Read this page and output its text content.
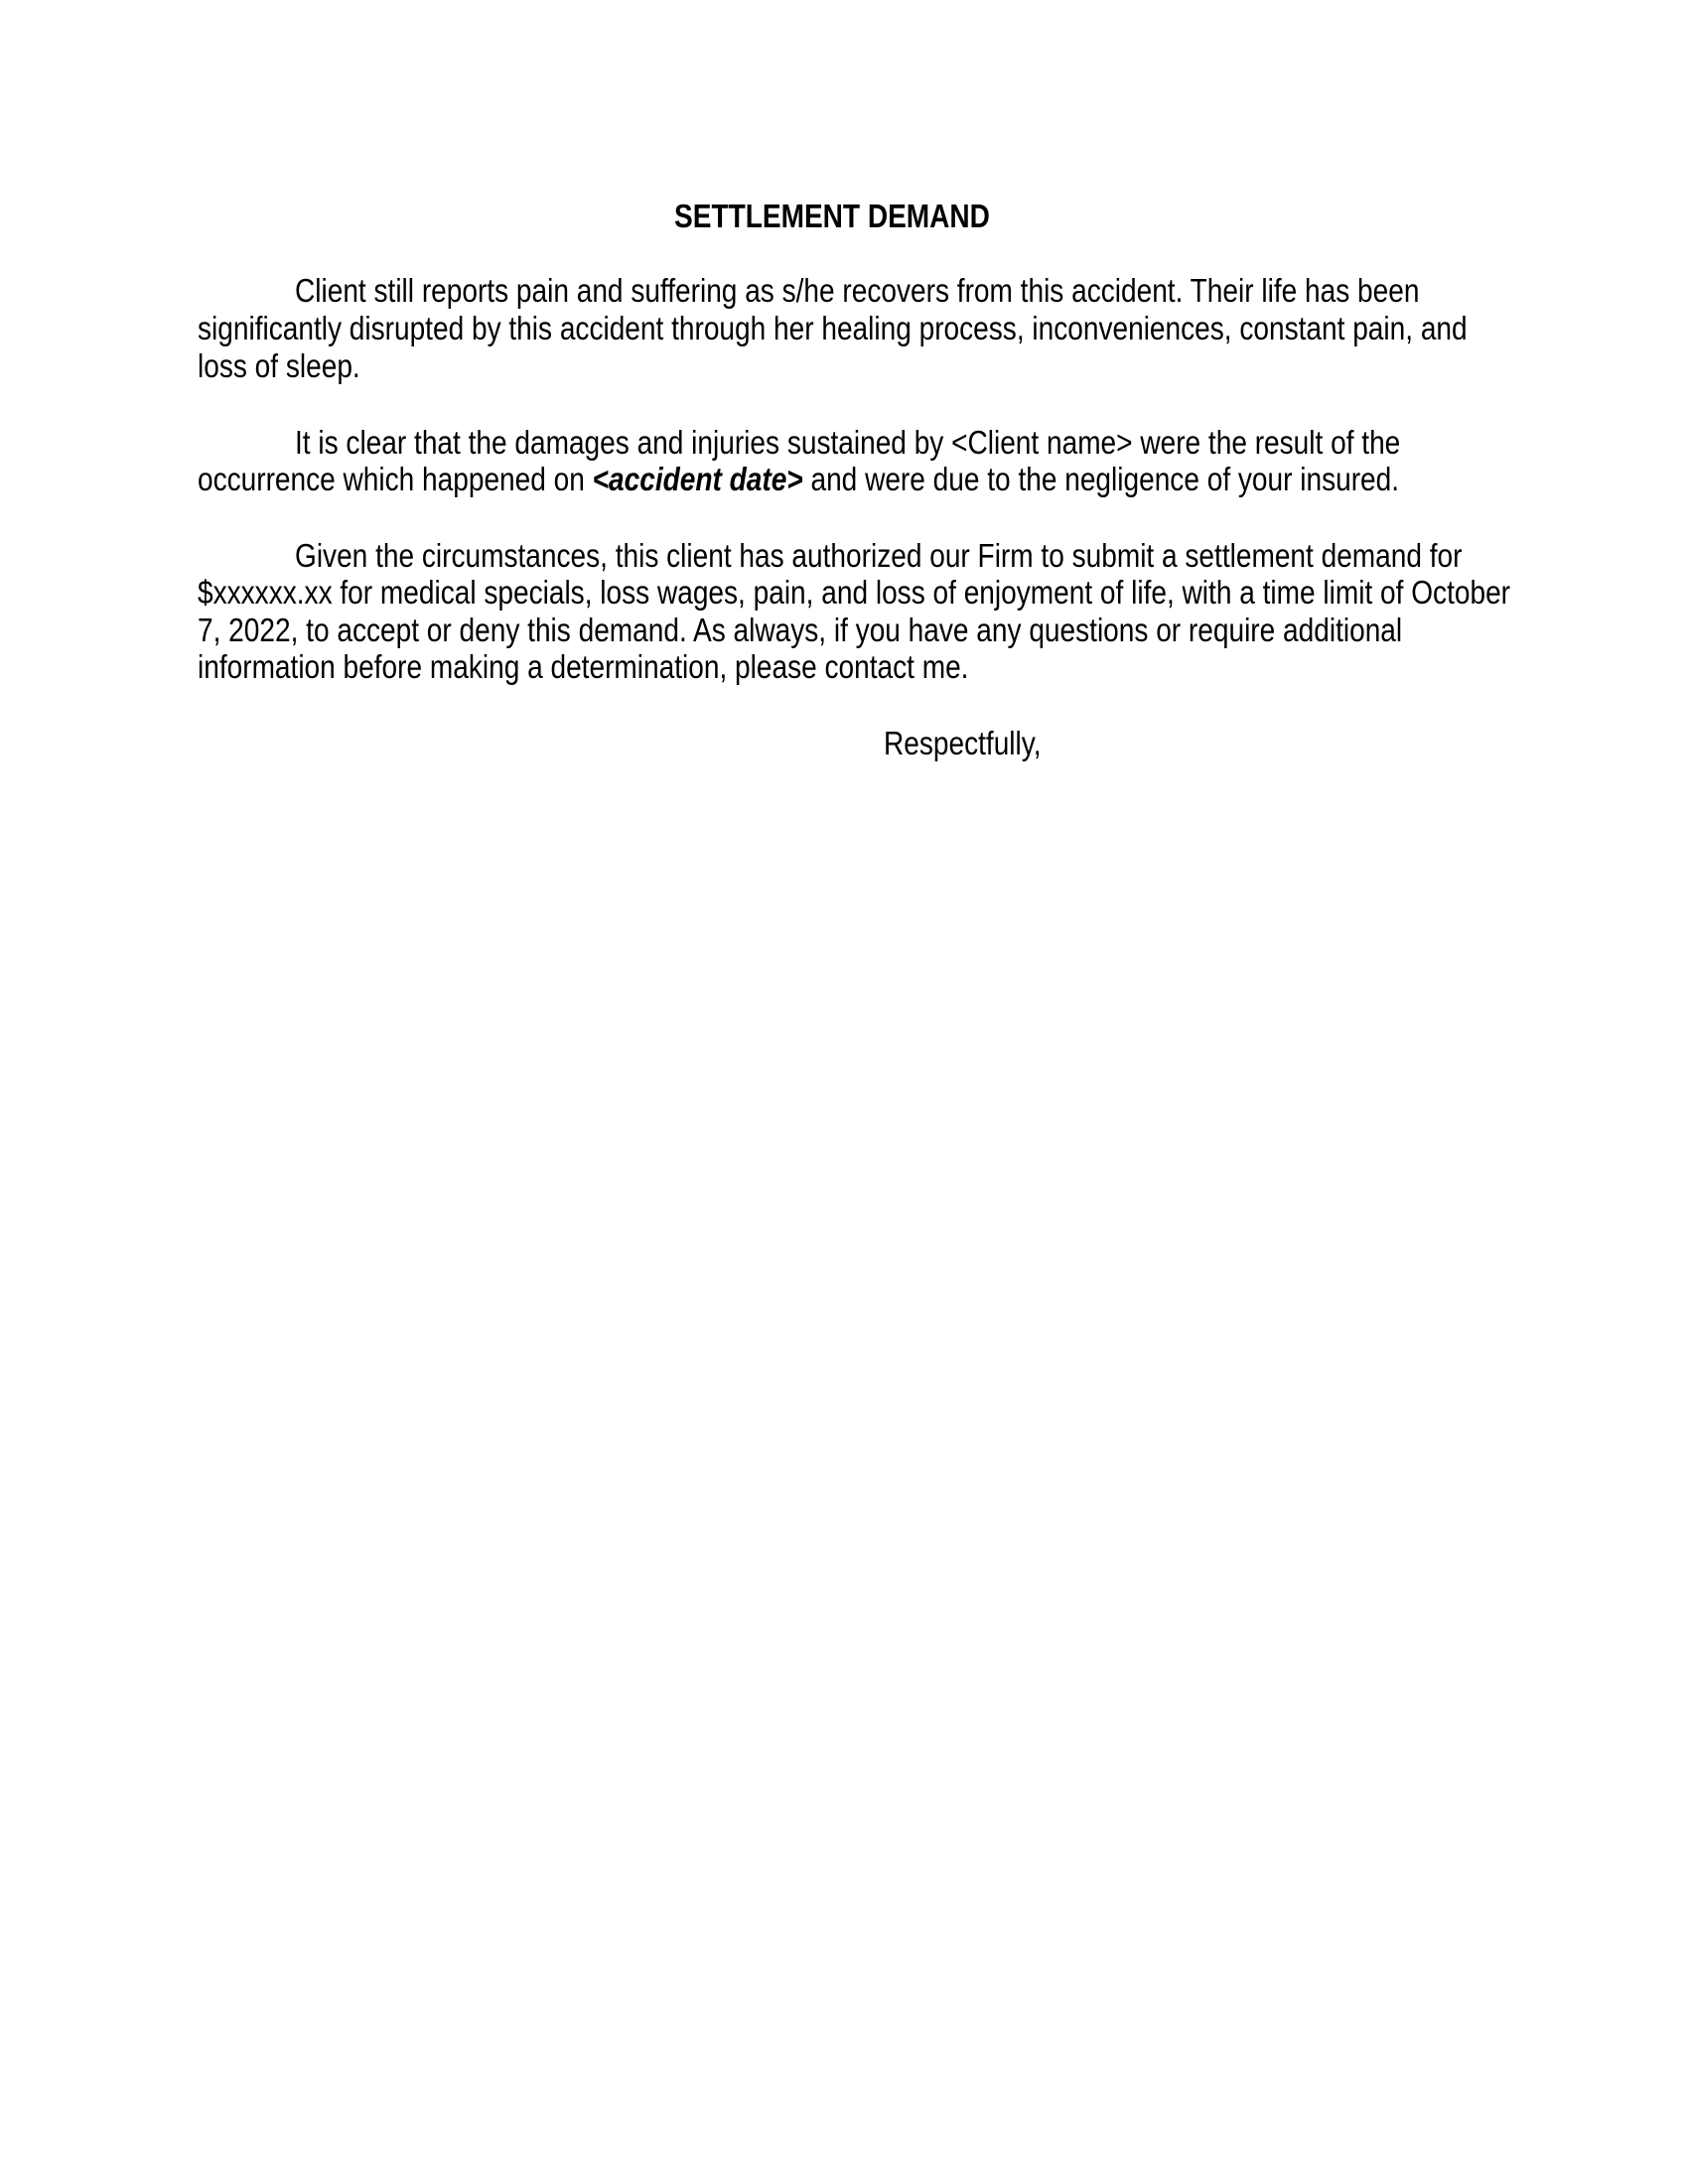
SETTLEMENT DEMAND
Client still reports pain and suffering as s/he recovers from this accident. Their life has been
significantly disrupted by this accident through her healing process, inconveniences, constant pain, and
loss of sleep.
It is clear that the damages and injuries sustained by <Client name> were the result of the
occurrence which happened on <accident date> and were due to the negligence of your insured.
Given the circumstances, this client has authorized our Firm to submit a settlement demand for
$xxxxxx.xx for medical specials, loss wages, pain, and loss of enjoyment of life, with a time limit of October
7, 2022, to accept or deny this demand. As always, if you have any questions or require additional
information before making a determination, please contact me.
Respectfully,
